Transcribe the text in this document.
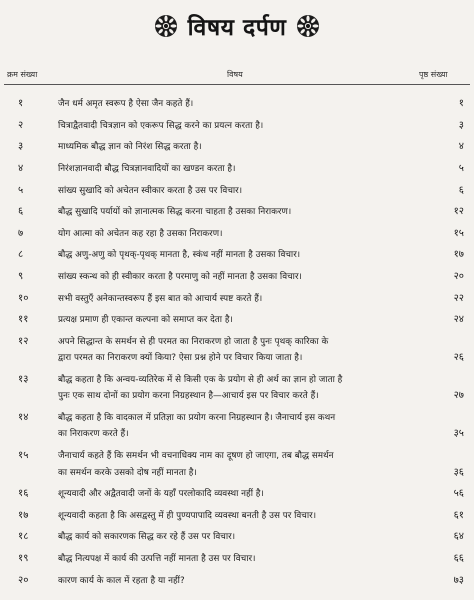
विषय दर्पण
क्रम संख्या	विषय	पृष्ठ संख्या
१	जैन धर्म अमृत स्वरूप है ऐसा जैन कहते हैं।	१
२	चित्राद्वैतवादी चित्रज्ञान को एकरूप सिद्ध करने का प्रयत्न करता है।	३
३	माध्यमिक बौद्ध ज्ञान को निरंश सिद्ध करता है।	४
४	निरंशज्ञानवादी बौद्ध चित्रज्ञानवादियों का खण्डन करता है।	५
५	सांख्य सुखादि को अचेतन स्वीकार करता है उस पर विचार।	६
६	बौद्ध सुखादि पर्यायों को ज्ञानात्मक सिद्ध करना चाहता है उसका निराकरण।	१२
७	योग आत्मा को अचेतन कह रहा है उसका निराकरण।	१५
८	बौद्ध अणु-अणु को पृथक्-पृथक् मानता है, स्कंध नहीं मानता है उसका विचार।	१७
९	सांख्य स्कन्ध को ही स्वीकार करता है परमाणु को नहीं मानता है उसका विचार।	२०
१०	सभी वस्तुएँ अनेकान्तस्वरूप हैं इस बात को आचार्य स्पष्ट करते हैं।	२२
११	प्रत्यक्ष प्रमाण ही एकान्त कल्पना को समाप्त कर देता है।	२४
१२	अपने सिद्धान्त के समर्थन से ही परमत का निराकरण हो जाता है पुनः पृथक् कारिका के
द्वारा परमत का निराकरण क्यों किया? ऐसा प्रश्न होने पर विचार किया जाता है।	२६
१३	बौद्ध कहता है कि अन्वय-व्यतिरेक में से किसी एक के प्रयोग से ही अर्थ का ज्ञान हो जाता है
पुनः एक साथ दोनों का प्रयोग करना निग्रहस्थान है—आचार्य इस पर विचार करते हैं।	२७
१४	बौद्ध कहता है कि वादकाल में प्रतिज्ञा का प्रयोग करना निग्रहस्थान है। जैनाचार्य इस कथन
का निराकरण करते हैं।	३५
१५	जैनाचार्य कहते हैं कि समर्थन भी वचनाधिक्य नाम का दूषण हो जाएगा, तब बौद्ध समर्थन
का समर्थन करके उसको दोष नहीं मानता है।	३६
१६	शून्यवादी और अद्वैतवादी जनों के यहाँ परलोकादि व्यवस्था नहीं है।	५६
१७	शून्यवादी कहता है कि असद्वस्तु में ही पुण्यपापादि व्यवस्था बनती है उस पर विचार।	६१
१८	बौद्ध कार्य को सकारणक सिद्ध कर रहे हैं उस पर विचार।	६४
१९	बौद्ध नित्यपक्ष में कार्य की उत्पत्ति नहीं मानता है उस पर विचार।	६६
२०	कारण कार्य के काल में रहता है या नहीं?	७३
